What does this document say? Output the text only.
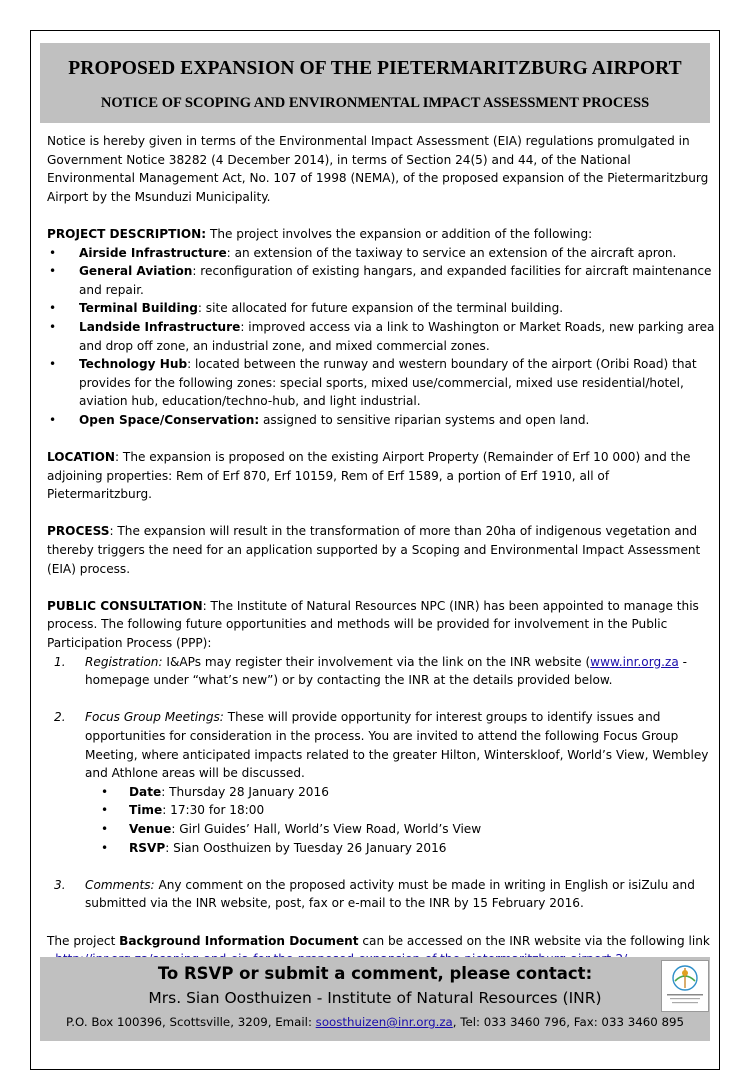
PROPOSED EXPANSION OF THE PIETERMARITZBURG AIRPORT
NOTICE OF SCOPING AND ENVIRONMENTAL IMPACT ASSESSMENT PROCESS

Notice is hereby given in terms of the Environmental Impact Assessment (EIA) regulations promulgated in Government Notice 38282 (4 December 2014), in terms of Section 24(5) and 44, of the National Environmental Management Act, No. 107 of 1998 (NEMA), of the proposed expansion of the Pietermaritzburg Airport by the Msunduzi Municipality.

PROJECT DESCRIPTION: The project involves the expansion or addition of the following:

• Airside Infrastructure: an extension of the taxiway to service an extension of the aircraft apron.
• General Aviation: reconfiguration of existing hangars, and expanded facilities for aircraft maintenance and repair.
• Terminal Building: site allocated for future expansion of the terminal building.
• Landside Infrastructure: improved access via a link to Washington or Market Roads, new parking area and drop off zone, an industrial zone, and mixed commercial zones.
• Technology Hub: located between the runway and western boundary of the airport (Oribi Road) that provides for the following zones: special sports, mixed use/commercial, mixed use residential/hotel, aviation hub, education/techno-hub, and light industrial.
• Open Space/Conservation: assigned to sensitive riparian systems and open land.

LOCATION: The expansion is proposed on the existing Airport Property (Remainder of Erf 10 000) and the adjoining properties: Rem of Erf 870, Erf 10159, Rem of Erf 1589, a portion of Erf 1910, all of Pietermaritzburg.

PROCESS: The expansion will result in the transformation of more than 20ha of indigenous vegetation and thereby triggers the need for an application supported by a Scoping and Environmental Impact Assessment (EIA) process.

PUBLIC CONSULTATION: The Institute of Natural Resources NPC (INR) has been appointed to manage this process. The following future opportunities and methods will be provided for involvement in the Public Participation Process (PPP):

1. Registration: I&APs may register their involvement via the link on the INR website (www.inr.org.za - homepage under “what’s new”) or by contacting the INR at the details provided below.
2. Focus Group Meetings: These will provide opportunity for interest groups to identify issues and opportunities for consideration in the process. You are invited to attend the following Focus Group Meeting, where anticipated impacts related to the greater Hilton, Winterskloof, World’s View, Wembley and Athlone areas will be discussed.
• Date: Thursday 28 January 2016
• Time: 17:30 for 18:00
• Venue: Girl Guides’ Hall, World’s View Road, World’s View
• RSVP: Sian Oosthuizen by Tuesday 26 January 2016
3. Comments: Any comment on the proposed activity must be made in writing in English or isiZulu and submitted via the INR website, post, fax or e-mail to the INR by 15 February 2016.

The project Background Information Document can be accessed on the INR website via the following link

To RSVP or submit a comment, please contact:
Mrs. Sian Oosthuizen - Institute of Natural Resources (INR)
P.O. Box 100396, Scottsville, 3209, Email: soosthuizen@inr.org.za, Tel: 033 3460 796, Fax: 033 3460 895
